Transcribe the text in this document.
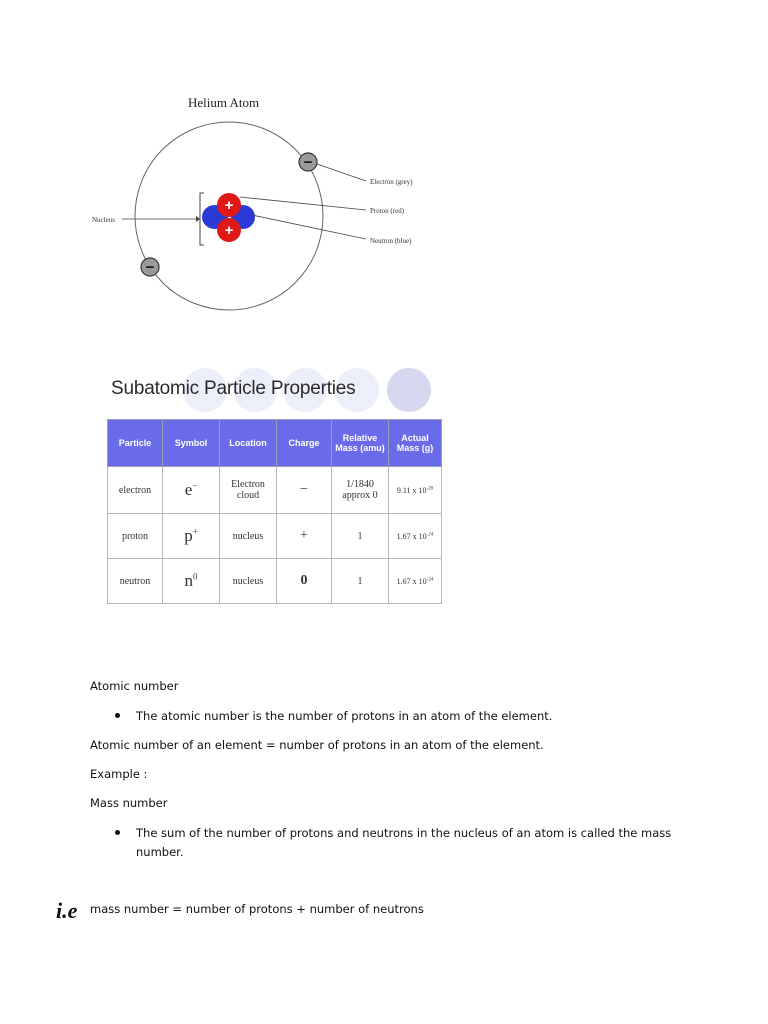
Helium Atom
Nucleus
+
+
−
−
Electron (grey)
Proton (red)
Neutron (blue)
Subatomic Particle Properties
Particle	Symbol	Location	Charge	Relative Mass (amu)	Actual Mass (g)
electron	e−	Electron cloud	−	1/1840 approx 0	9.11 x $10^{-28}$
proton	p+	nucleus	+	1	1.67 x $10^{-24}$
neutron	$n^0$	nucleus	0	1	1.67 x $10^{-24}$
Atomic number
The atomic number is the number of protons in an atom of the element.
Atomic number of an element = number of protons in an atom of the element.
Example :
Mass number
The sum of the number of protons and neutrons in the nucleus of an atom is called the mass
number.
i.e mass number = number of protons + number of neutrons
